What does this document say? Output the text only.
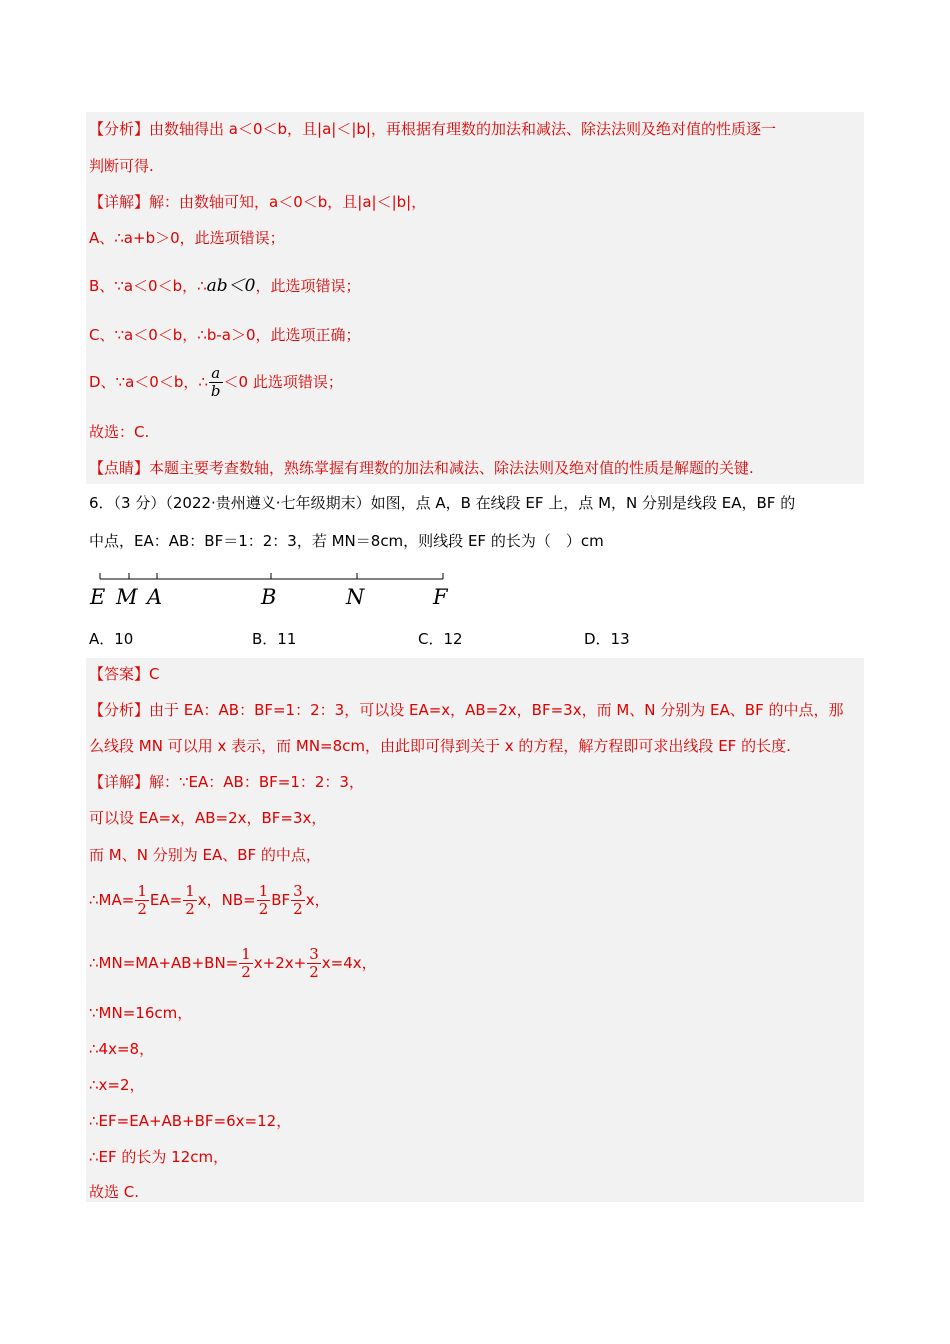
【分析】由数轴得出 a＜0＜b，且|a|＜|b|，再根据有理数的加法和减法、除法法则及绝对值的性质逐一
判断可得.
【详解】解：由数轴可知，a＜0＜b，且|a|＜|b|，
A、∴a+b＞0，此选项错误；
B、∵a＜0＜b，∴ab＜0，此选项错误；
C、∵a＜0＜b，∴b-a＞0，此选项正确；
D、∵a＜0＜b，∴ $\frac{a}{b} <0$ 此选项错误；
故选：C.
【点睛】本题主要考查数轴，熟练掌握有理数的加法和减法、除法法则及绝对值的性质是解题的关键.
6．（3 分）（2022·贵州遵义·七年级期末）如图，点 A，B 在线段 EF 上，点 M，N 分别是线段 EA，BF 的
中点，EA：AB：BF＝1：2：3，若 MN＝8cm，则线段 EF 的长为（　）cm
E M A	B	N	F
A．10	B．11	C．12	D．13
【答案】C
【分析】由于 EA：AB：BF=1：2：3，可以设 EA=x，AB=2x，BF=3x，而 M、N 分别为 EA、BF 的中点，那
么线段 MN 可以用 x 表示，而 MN=8cm，由此即可得到关于 x 的方程，解方程即可求出线段 EF 的长度.
【详解】解：∵EA：AB：BF=1：2：3，
可以设 EA=x，AB=2x，BF=3x，
而 M、N 分别为 EA、BF 的中点，
∴MA= $\frac{1}{2} EA= \frac{1}{2}$ x，$NB= \frac{1}{2}$ BF $\frac{3}{2}$ x，
∴MN=MA+AB+BN= $\frac{1}{2} x+2x+ \frac{3}{2} x=4x$，
∵MN=16cm，
∴4x=8，
∴x=2，
∴EF=EA+AB+BF=6x=12，
∴EF 的长为 12cm，
故选 C.
